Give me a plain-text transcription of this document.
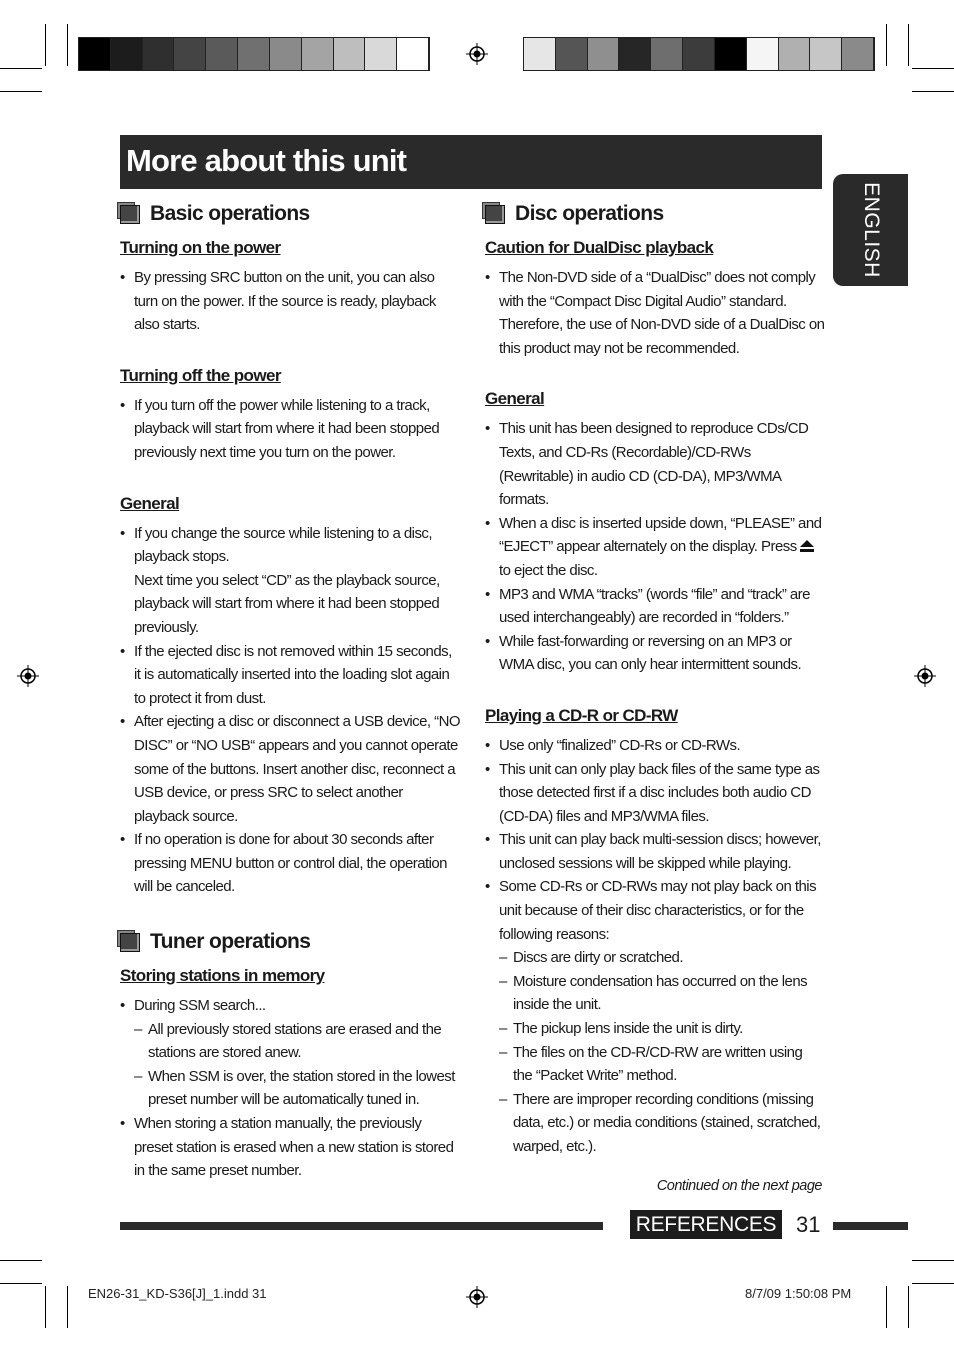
More about this unit
ENGLISH
Basic operations
Turning on the power
• By pressing SRC button on the unit, you can also turn on the power. If the source is ready, playback also starts.
Turning off the power
• If you turn off the power while listening to a track, playback will start from where it had been stopped previously next time you turn on the power.
General
• If you change the source while listening to a disc, playback stops.
Next time you select “CD” as the playback source, playback will start from where it had been stopped previously.
• If the ejected disc is not removed within 15 seconds, it is automatically inserted into the loading slot again to protect it from dust.
• After ejecting a disc or disconnect a USB device, “NO DISC” or “NO USB“ appears and you cannot operate some of the buttons. Insert another disc, reconnect a USB device, or press SRC to select another playback source.
• If no operation is done for about 30 seconds after pressing MENU button or control dial, the operation will be canceled.
Tuner operations
Storing stations in memory
• During SSM search...
– All previously stored stations are erased and the stations are stored anew.
– When SSM is over, the station stored in the lowest preset number will be automatically tuned in.
• When storing a station manually, the previously preset station is erased when a new station is stored in the same preset number.
Disc operations
Caution for DualDisc playback
• The Non-DVD side of a “DualDisc” does not comply with the “Compact Disc Digital Audio” standard. Therefore, the use of Non-DVD side of a DualDisc on this product may not be recommended.
General
• This unit has been designed to reproduce CDs/CD Texts, and CD-Rs (Recordable)/CD-RWs (Rewritable) in audio CD (CD-DA), MP3/WMA formats.
• When a disc is inserted upside down, “PLEASE” and “EJECT” appear alternately on the display. Press  to eject the disc.
• MP3 and WMA “tracks” (words “file” and “track” are used interchangeably) are recorded in “folders.”
• While fast-forwarding or reversing on an MP3 or WMA disc, you can only hear intermittent sounds.
Playing a CD-R or CD-RW
• Use only “finalized” CD-Rs or CD-RWs.
• This unit can only play back files of the same type as those detected first if a disc includes both audio CD (CD-DA) files and MP3/WMA files.
• This unit can play back multi-session discs; however, unclosed sessions will be skipped while playing.
• Some CD-Rs or CD-RWs may not play back on this unit because of their disc characteristics, or for the following reasons:
– Discs are dirty or scratched.
– Moisture condensation has occurred on the lens inside the unit.
– The pickup lens inside the unit is dirty.
– The files on the CD-R/CD-RW are written using the “Packet Write” method.
– There are improper recording conditions (missing data, etc.) or media conditions (stained, scratched, warped, etc.).
Continued on the next page
REFERENCES 31
EN26-31_KD-S36[J]_1.indd 31	8/7/09 1:50:08 PM
